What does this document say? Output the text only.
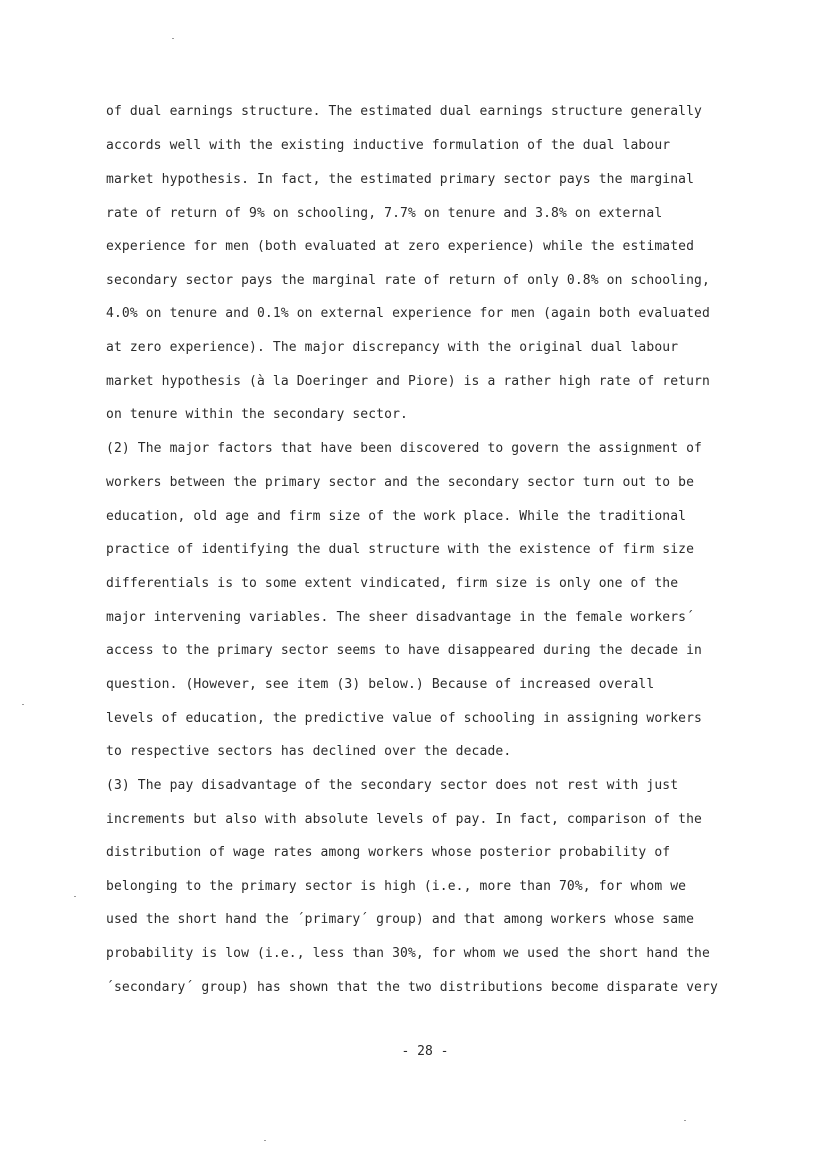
of dual earnings structure. The estimated dual earnings structure generally
accords well with the existing inductive formulation of the dual labour
market hypothesis. In fact, the estimated primary sector pays the marginal
rate of return of 9% on schooling, 7.7% on tenure and 3.8% on external
experience for men (both evaluated at zero experience) while the estimated
secondary sector pays the marginal rate of return of only 0.8% on schooling,
4.0% on tenure and 0.1% on external experience for men (again both evaluated
at zero experience). The major discrepancy with the original dual labour
market hypothesis (à la Doeringer and Piore) is a rather high rate of return
on tenure within the secondary sector.
(2) The major factors that have been discovered to govern the assignment of
workers between the primary sector and the secondary sector turn out to be
education, old age and firm size of the work place. While the traditional
practice of identifying the dual structure with the existence of firm size
differentials is to some extent vindicated, firm size is only one of the
major intervening variables. The sheer disadvantage in the female workers´
access to the primary sector seems to have disappeared during the decade in
question. (However, see item (3) below.) Because of increased overall
levels of education, the predictive value of schooling in assigning workers
to respective sectors has declined over the decade.
(3) The pay disadvantage of the secondary sector does not rest with just
increments but also with absolute levels of pay. In fact, comparison of the
distribution of wage rates among workers whose posterior probability of
belonging to the primary sector is high (i.e., more than 70%, for whom we
used the short hand the ´primary´ group) and that among workers whose same
probability is low (i.e., less than 30%, for whom we used the short hand the
´secondary´ group) has shown that the two distributions become disparate very
- 28 -
